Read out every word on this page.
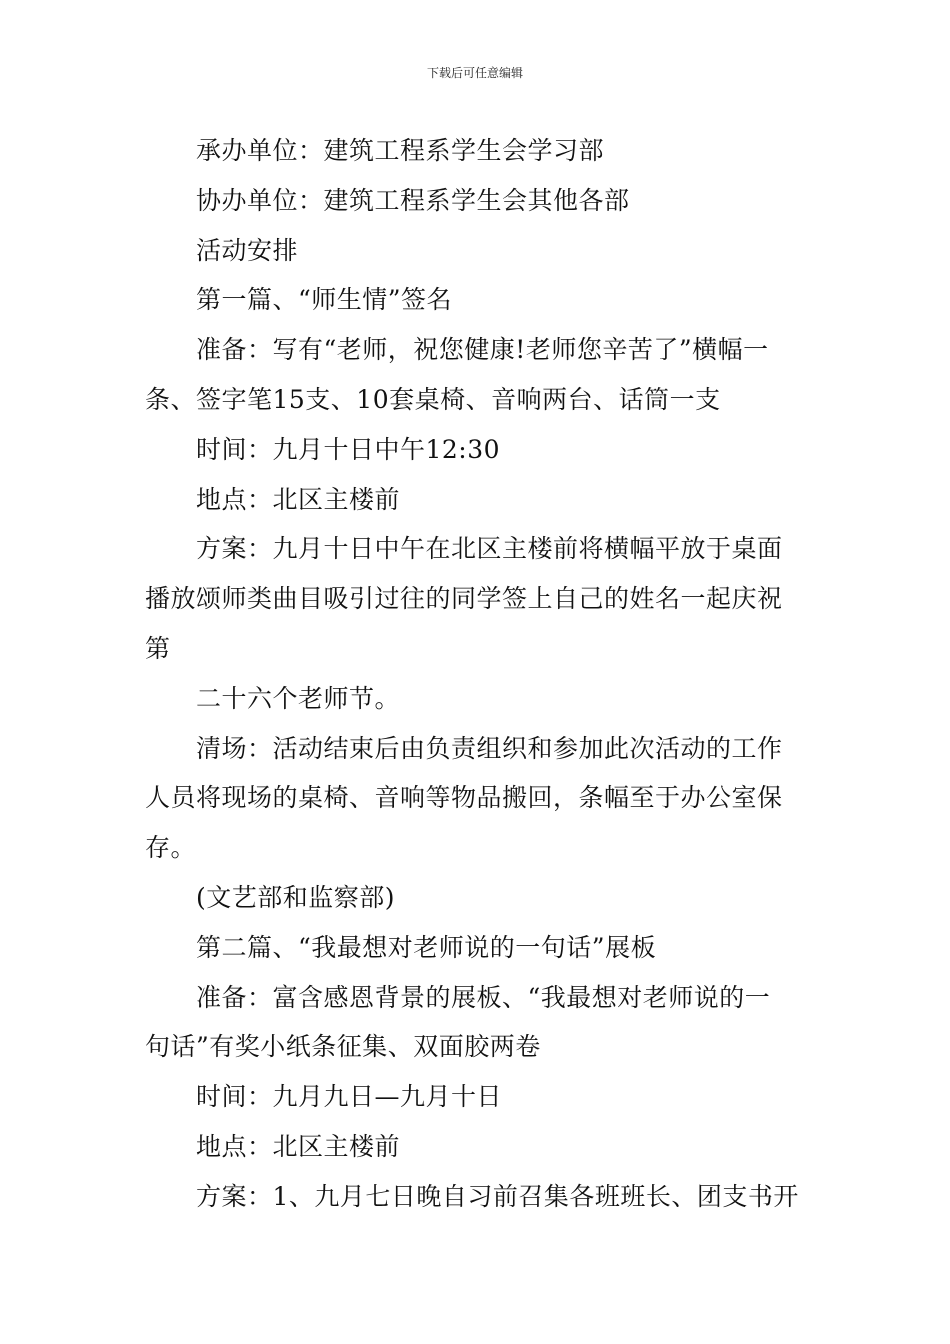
下载后可任意编辑
承办单位：建筑工程系学生会学习部
协办单位：建筑工程系学生会其他各部
活动安排
第一篇、“师生情”签名
准备：写有“老师，祝您健康!老师您辛苦了”横幅一
条、签字笔15支、10套桌椅、音响两台、话筒一支
时间：九月十日中午12:30
地点：北区主楼前
方案：九月十日中午在北区主楼前将横幅平放于桌面
播放颂师类曲目吸引过往的同学签上自己的姓名一起庆祝
第
二十六个老师节。
清场：活动结束后由负责组织和参加此次活动的工作
人员将现场的桌椅、音响等物品搬回，条幅至于办公室保
存。
(文艺部和监察部)
第二篇、“我最想对老师说的一句话”展板
准备：富含感恩背景的展板、“我最想对老师说的一
句话”有奖小纸条征集、双面胶两卷
时间：九月九日—九月十日
地点：北区主楼前
方案：1、九月七日晚自习前召集各班班长、团支书开
